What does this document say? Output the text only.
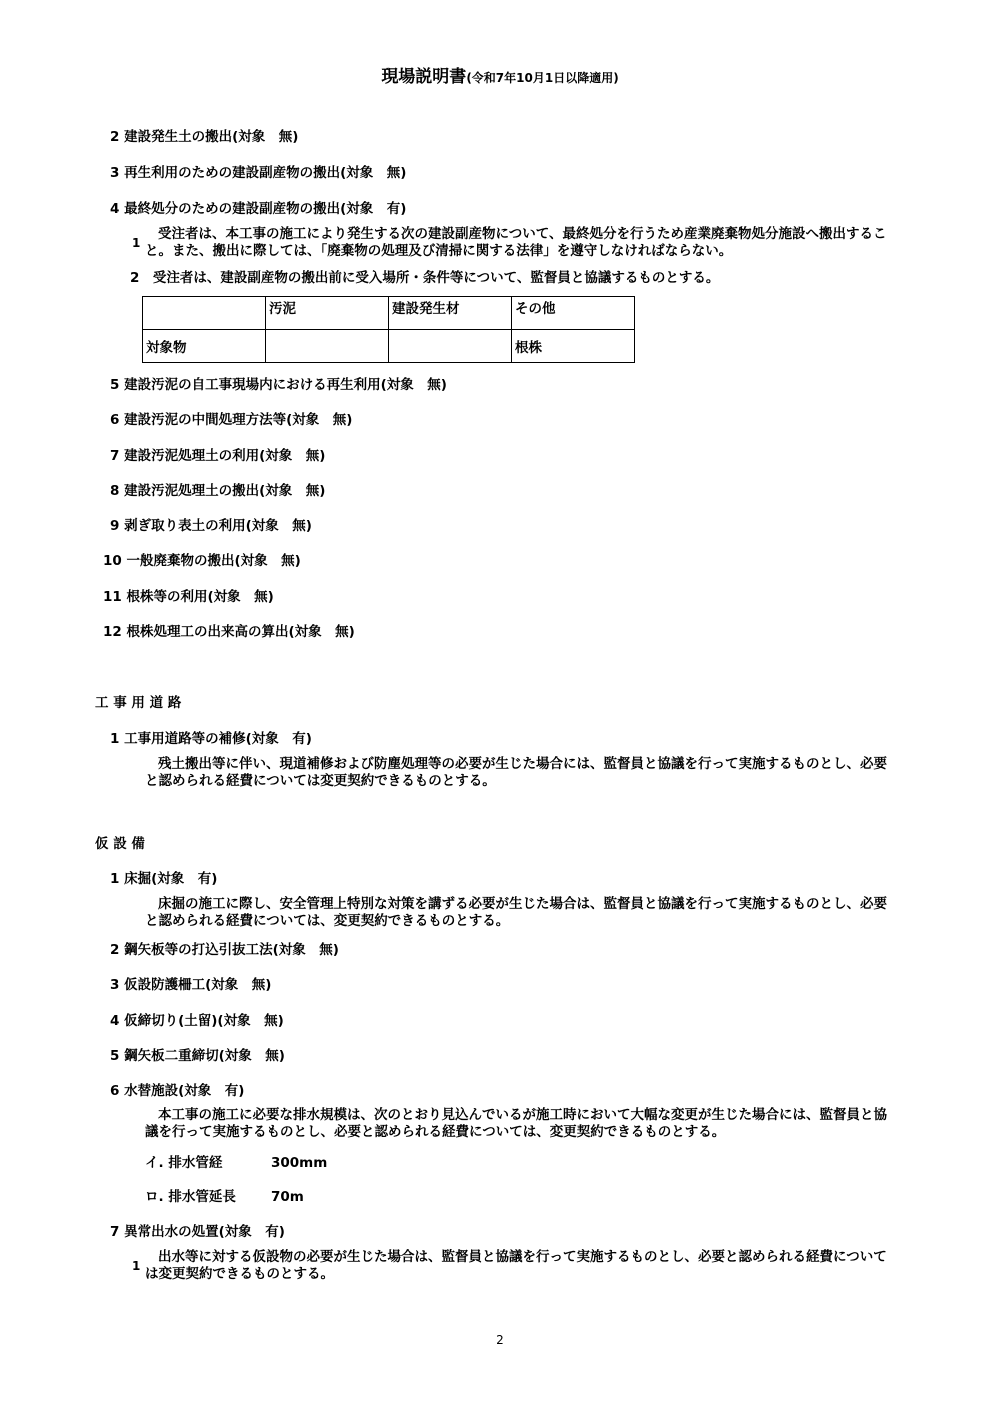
現場説明書(令和7年10月1日以降適用)
2 建設発生土の搬出(対象　無)
3 再生利用のための建設副産物の搬出(対象　無)
4 最終処分のための建設副産物の搬出(対象　有)
1
受注者は、本工事の施工により発生する次の建設副産物について、最終処分を行うため産業廃棄物処分施設へ搬出すること。また、搬出に際しては、「廃棄物の処理及び清掃に関する法律」を遵守しなければならない。
2　受注者は、建設副産物の搬出前に受入場所・条件等について、監督員と協議するものとする。
	汚泥	建設発生材	その他
対象物			根株
5 建設汚泥の自工事現場内における再生利用(対象　無)
6 建設汚泥の中間処理方法等(対象　無)
7 建設汚泥処理土の利用(対象　無)
8 建設汚泥処理土の搬出(対象　無)
9 剥ぎ取り表土の利用(対象　無)
10 一般廃棄物の搬出(対象　無)
11 根株等の利用(対象　無)
12 根株処理工の出来高の算出(対象　無)
工 事 用 道 路
1 工事用道路等の補修(対象　有)
残土搬出等に伴い、現道補修および防塵処理等の必要が生じた場合には、監督員と協議を行って実施するものとし、必要と認められる経費については変更契約できるものとする。
仮 設 備
1 床掘(対象　有)
床掘の施工に際し、安全管理上特別な対策を講ずる必要が生じた場合は、監督員と協議を行って実施するものとし、必要と認められる経費については、変更契約できるものとする。
2 鋼矢板等の打込引抜工法(対象　無)
3 仮設防護柵工(対象　無)
4 仮締切り(土留)(対象　無)
5 鋼矢板二重締切(対象　無)
6 水替施設(対象　有)
本工事の施工に必要な排水規模は、次のとおり見込んでいるが施工時において大幅な変更が生じた場合には、監督員と協議を行って実施するものとし、必要と認められる経費については、変更契約できるものとする。
イ. 排水管経	300mm
ロ. 排水管延長	70m
7 異常出水の処置(対象　有)
1
出水等に対する仮設物の必要が生じた場合は、監督員と協議を行って実施するものとし、必要と認められる経費については変更契約できるものとする。
2
